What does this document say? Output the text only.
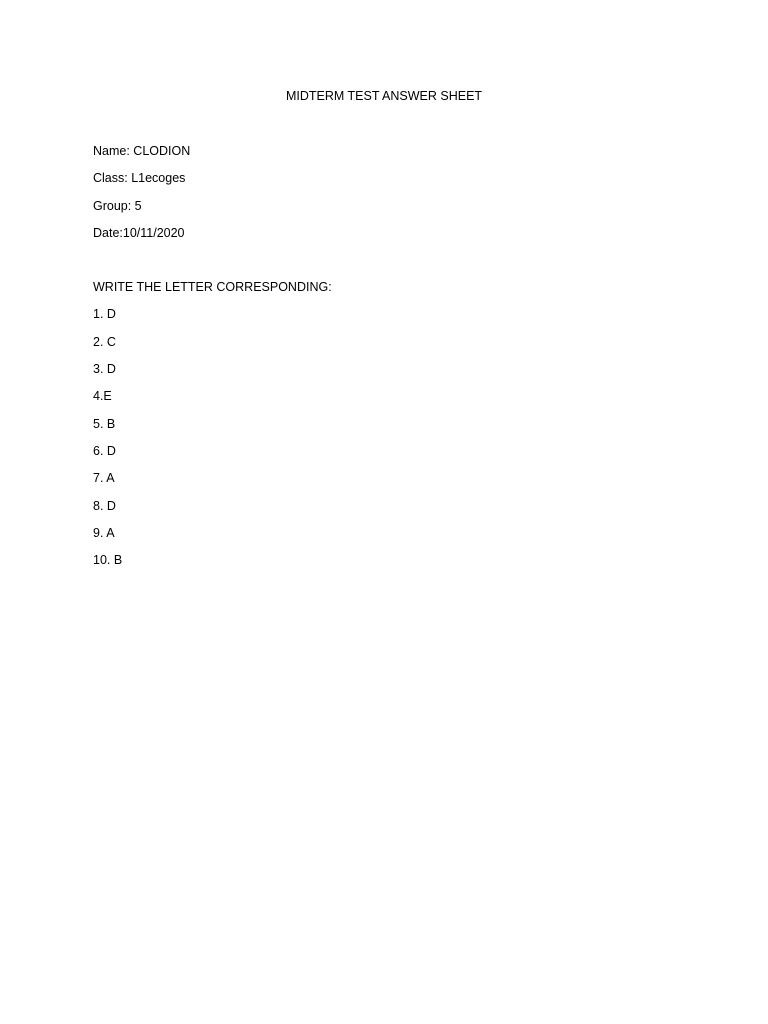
MIDTERM TEST ANSWER SHEET
Name: CLODION
Class: L1ecoges
Group: 5
Date:10/11/2020
WRITE THE LETTER CORRESPONDING:
1. D
2. C
3. D
4.E
5. B
6. D
7. A
8. D
9. A
10. B
